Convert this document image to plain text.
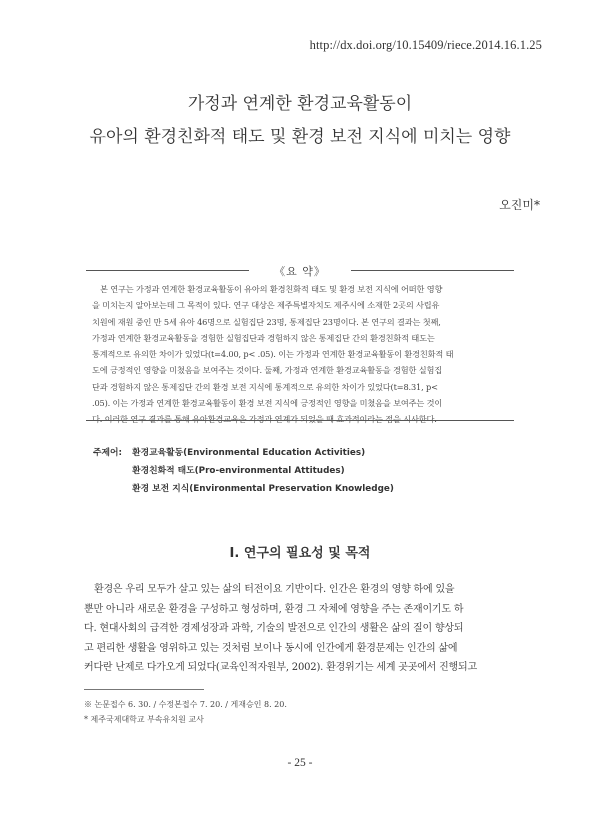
http://dx.doi.org/10.15409/riece.2014.16.1.25
가정과 연계한 환경교육활동이
유아의 환경친화적 태도 및 환경 보전 지식에 미치는 영향
오진미*
《요 약》
본 연구는 가정과 연계한 환경교육활동이 유아의 환경친화적 태도 및 환경 보전 지식에 어떠한 영향
을 미치는지 알아보는데 그 목적이 있다. 연구 대상은 제주특별자치도 제주시에 소재한 2곳의 사립유
치원에 재원 중인 만 5세 유아 46명으로 실험집단 23명, 통제집단 23명이다. 본 연구의 결과는 첫째,
가정과 연계한 환경교육활동을 경험한 실험집단과 경험하지 않은 통제집단 간의 환경친화적 태도는
통계적으로 유의한 차이가 있었다(t=4.00, p< .05). 이는 가정과 연계한 환경교육활동이 환경친화적 태
도에 긍정적인 영향을 미쳤음을 보여주는 것이다. 둘째, 가정과 연계한 환경교육활동을 경험한 실험집
단과 경험하지 않은 통제집단 간의 환경 보전 지식에 통계적으로 유의한 차이가 있었다(t=8.31, p<
.05). 이는 가정과 연계한 환경교육활동이 환경 보전 지식에 긍정적인 영향을 미쳤음을 보여주는 것이
주제어: 환경교육활동(Environmental Education Activities)
환경친화적 태도(Pro-environmental Attitudes)
환경 보전 지식(Environmental Preservation Knowledge)
Ⅰ. 연구의 필요성 및 목적
환경은 우리 모두가 살고 있는 삶의 터전이요 기반이다. 인간은 환경의 영향 하에 있을
뿐만 아니라 새로운 환경을 구성하고 형성하며, 환경 그 자체에 영향을 주는 존재이기도 하
다. 현대사회의 급격한 경제성장과 과학, 기술의 발전으로 인간의 생활은 삶의 질이 향상되
고 편리한 생활을 영위하고 있는 것처럼 보이나 동시에 인간에게 환경문제는 인간의 삶에
커다란 난제로 다가오게 되었다(교육인적자원부, 2002). 환경위기는 세계 곳곳에서 진행되고
※ 논문접수 6. 30. / 수정본접수 7. 20. / 게재승인 8. 20.
* 제주국제대학교 부속유치원 교사
- 25 -
